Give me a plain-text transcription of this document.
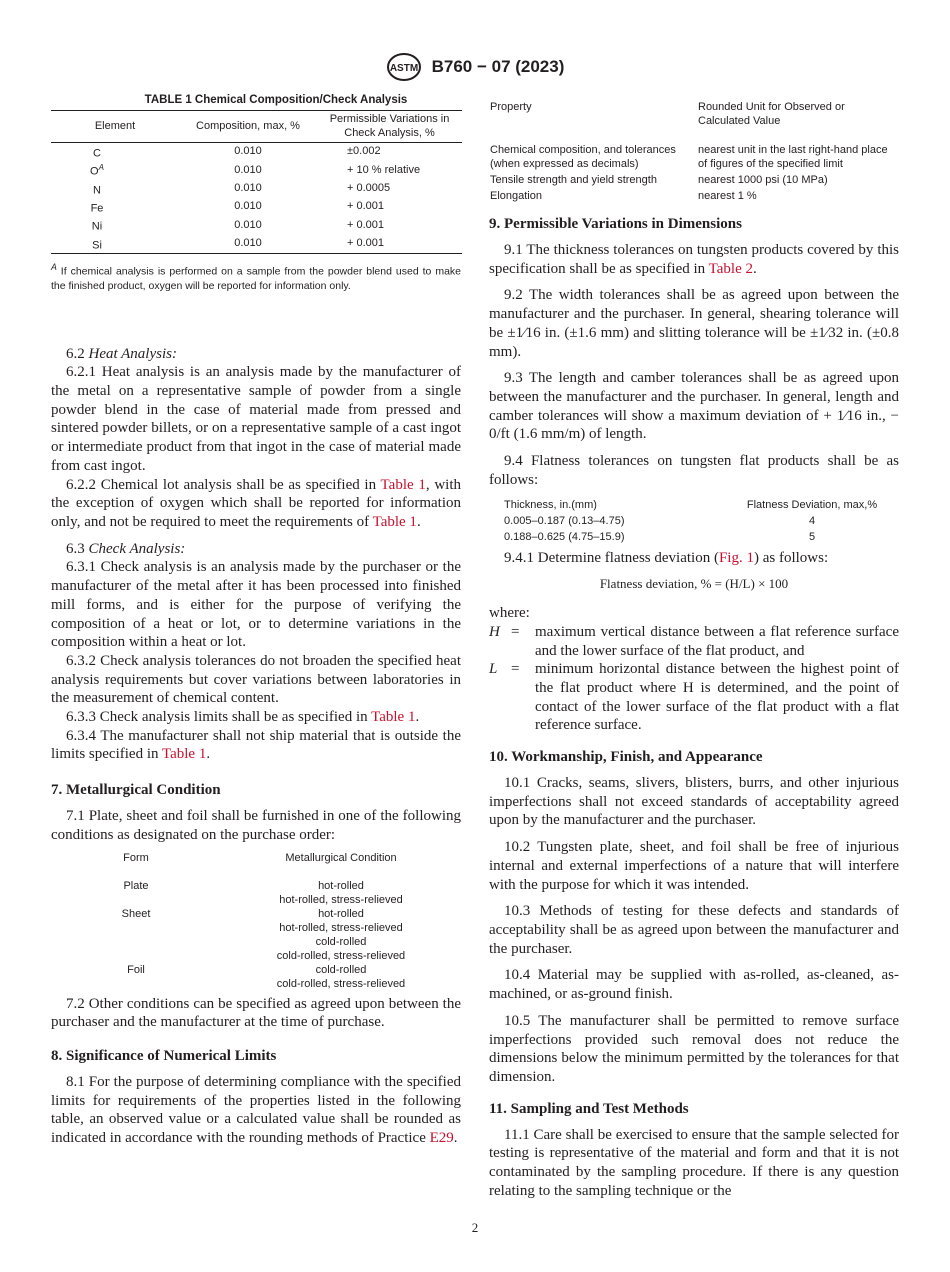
ASTM B760 − 07 (2023)
TABLE 1 Chemical Composition/Check Analysis
Element	Composition, max, %	Permissible Variations in Check Analysis, %
C	0.010	±0.002
$O^A$	0.010	+ 10 % relative
N	0.010	+ 0.0005
Fe	0.010	+ 0.001
Ni	0.010	+ 0.001
Si	0.010	+ 0.001
$^A$ If chemical analysis is performed on a sample from the powder blend used to make the finished product, oxygen will be reported for information only.

6.2 Heat Analysis:

6.2.1 Heat analysis is an analysis made by the manufacturer of the metal on a representative sample of powder from a single powder blend in the case of material made from pressed and sintered powder billets, or on a representative sample of a cast ingot or intermediate product from that ingot in the case of material made from cast ingot.

6.2.2 Chemical lot analysis shall be as specified in Table 1, with the exception of oxygen which shall be reported for information only, and not be required to meet the requirements of Table 1.

6.3 Check Analysis:

6.3.1 Check analysis is an analysis made by the purchaser or the manufacturer of the metal after it has been processed into finished mill forms, and is either for the purpose of verifying the composition of a heat or lot, or to determine variations in the composition within a heat or lot.

6.3.2 Check analysis tolerances do not broaden the specified heat analysis requirements but cover variations between laboratories in the measurement of chemical content.

6.3.3 Check analysis limits shall be as specified in Table 1.

6.3.4 The manufacturer shall not ship material that is outside the limits specified in Table 1.

7. Metallurgical Condition

7.1 Plate, sheet and foil shall be furnished in one of the following conditions as designated on the purchase order:

Form	Metallurgical Condition
Plate	hot-rolled
	hot-rolled, stress-relieved
Sheet	hot-rolled
	hot-rolled, stress-relieved
	cold-rolled
	cold-rolled, stress-relieved
Foil	cold-rolled
	cold-rolled, stress-relieved

7.2 Other conditions can be specified as agreed upon between the purchaser and the manufacturer at the time of purchase.

8. Significance of Numerical Limits

8.1 For the purpose of determining compliance with the specified limits for requirements of the properties listed in the following table, an observed value or a calculated value shall be rounded as indicated in accordance with the rounding methods of Practice E29.

Property	Rounded Unit for Observed or Calculated Value
Chemical composition, and tolerances (when expressed as decimals)	nearest unit in the last right-hand place of figures of the specified limit
Tensile strength and yield strength	nearest 1000 psi (10 MPa)
Elongation	nearest 1 %
9. Permissible Variations in Dimensions

9.1 The thickness tolerances on tungsten products covered by this specification shall be as specified in Table 2.

9.2 The width tolerances shall be as agreed upon between the manufacturer and the purchaser. In general, shearing tolerance will be ±1⁄16 in. (±1.6 mm) and slitting tolerance will be ±1⁄32 in. (±0.8 mm).

9.3 The length and camber tolerances shall be as agreed upon between the manufacturer and the purchaser. In general, length and camber tolerances will show a maximum deviation of + 1⁄16 in., − 0/ft (1.6 mm/m) of length.

9.4 Flatness tolerances on tungsten flat products shall be as follows:

Thickness, in.(mm)	Flatness Deviation, max,%
0.005–0.187 (0.13–4.75)	4
0.188–0.625 (4.75–15.9)	5

9.4.1 Determine flatness deviation (Fig. 1) as follows:

Flatness deviation, % = (H/L) × 100
where:
H =	maximum vertical distance between a flat reference surface and the lower surface of the flat product, and
L =	minimum horizontal distance between the highest point of the flat product where H is determined, and the point of contact of the lower surface of the flat product with a flat reference surface.
10. Workmanship, Finish, and Appearance

10.1 Cracks, seams, slivers, blisters, burrs, and other injurious imperfections shall not exceed standards of acceptability agreed upon by the manufacturer and the purchaser.

10.2 Tungsten plate, sheet, and foil shall be free of injurious internal and external imperfections of a nature that will interfere with the purpose for which it was intended.

10.3 Methods of testing for these defects and standards of acceptability shall be as agreed upon between the manufacturer and the purchaser.

10.4 Material may be supplied with as-rolled, as-cleaned, as-machined, or as-ground finish.

10.5 The manufacturer shall be permitted to remove surface imperfections provided such removal does not reduce the dimensions below the minimum permitted by the tolerances for that dimension.

11. Sampling and Test Methods

11.1 Care shall be exercised to ensure that the sample selected for testing is representative of the material and form and that it is not contaminated by the sampling procedure. If there is any question relating to the sampling technique or the

2
